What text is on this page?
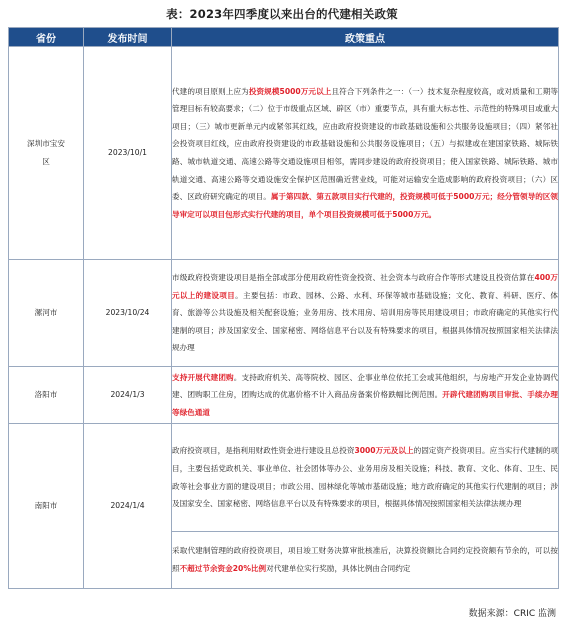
表：2023年四季度以来出台的代建相关政策
省份	发布时间	政策重点
深圳市宝安区	2023/10/1	代建的项目原则上应为投资规模5000万元以上且符合下列条件之一：（一）技术复杂程度较高，或对质量和工期等管理目标有较高要求；（二）位于市级重点区域、辟区（市）重要节点，具有重大标志性、示范性的特殊项目或重大项目；（三）城市更新单元内或紧邻其红线，应由政府投资建设的市政基础设施和公共服务设施项目；（四）紧邻社会投资项目红线，应由政府投资建设的市政基础设施和公共服务设施项目；（五）与拟建或在建国家铁路、城际铁路、城市轨道交通、高速公路等交通设施项目相邻，需同步建设的政府投资项目；使入国家铁路、城际铁路、城市轨道交通、高速公路等交通设施安全保护区范围确近营业线，可能对运输安全造成影响的政府投资项目；（六）区委、区政府研究确定的项目。属于第四款、第五款项目实行代建的，投资规模可低于5000万元；经分管领导的区领导审定可以项目包形式实行代建的项目，单个项目投资规模可低于5000万元。
漯河市	2023/10/24	市级政府投资建设项目是指全部或部分使用政府性资金投资、社会资本与政府合作等形式建设且投资估算在400万元以上的建设项目。主要包括：市政、园林、公路、水利、环保等城市基础设施；文化、教育、科研、医疗、体育、旅游等公共设施及相关配套设施；业务用房、技术用房、培训用房等民用建设项目；市政府确定的其他实行代建制的项目；涉及国家安全、国家秘密、网络信息平台以及有特殊要求的项目，根据具体情况按照国家相关法律法规办理
洛阳市	2024/1/3	支持开展代建团购。支持政府机关、高等院校、园区、企事业单位依托工会或其他组织，与房地产开发企业协调代建、团购职工住房，团购达成的优惠价格不计入商品房备案价格跌幅比例范围。开辟代建团购项目审批、手续办理等绿色通道
南阳市	2024/1/4	政府投资项目，是指利用财政性资金进行建设且总投资3000万元及以上的固定资产投资项目。应当实行代建制的项目，主要包括党政机关、事业单位、社会团体等办公、业务用房及相关设施；科技、教育、文化、体育、卫生、民政等社会事业方面的建设项目；市政公用、园林绿化等城市基础设施；地方政府确定的其他实行代建制的项目；涉及国家安全、国家秘密、网络信息平台以及有特殊要求的项目，根据具体情况按照国家相关法律法规办理
		采取代建制管理的政府投资项目，项目竣工财务决算审批核准后，决算投资额比合同约定投资额有节余的，可以按照不超过节余资金20%比例对代建单位实行奖励，具体比例由合同约定
数据来源：CRIC 监测
